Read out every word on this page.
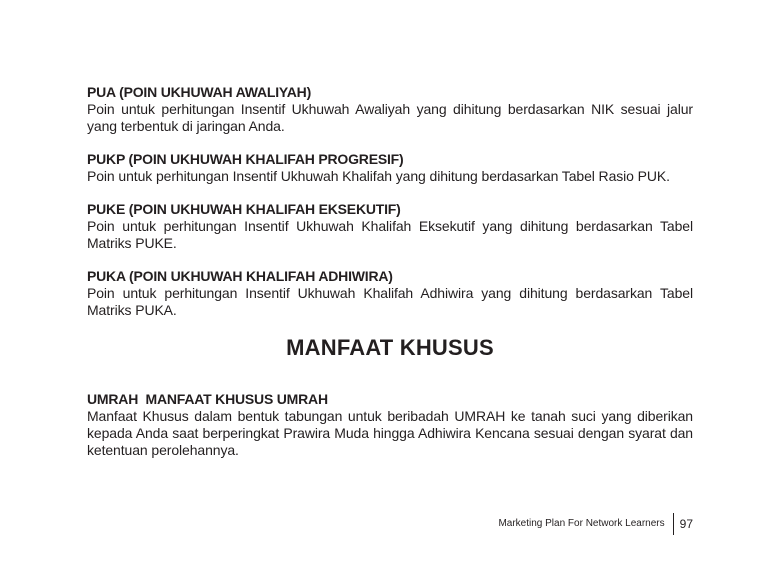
PUA (POIN UKHUWAH AWALIYAH)
Poin untuk perhitungan Insentif Ukhuwah Awaliyah yang dihitung berdasarkan NIK sesuai jalur yang terbentuk di jaringan Anda.
PUKP (POIN UKHUWAH KHALIFAH PROGRESIF)
Poin untuk perhitungan Insentif Ukhuwah Khalifah yang dihitung berdasarkan Tabel Rasio PUK.
PUKE (POIN UKHUWAH KHALIFAH EKSEKUTIF)
Poin untuk perhitungan Insentif Ukhuwah Khalifah Eksekutif yang dihitung berdasarkan Tabel Matriks PUKE.
PUKA (POIN UKHUWAH KHALIFAH ADHIWIRA)
Poin untuk perhitungan Insentif Ukhuwah Khalifah Adhiwira yang dihitung berdasarkan Tabel Matriks PUKA.
MANFAAT KHUSUS
UMRAH  MANFAAT KHUSUS UMRAH
Manfaat Khusus dalam bentuk tabungan untuk beribadah UMRAH ke tanah suci yang diberikan kepada Anda saat berperingkat Prawira Muda hingga Adhiwira Kencana sesuai dengan syarat dan ketentuan perolehannya.
Marketing Plan For Network Learners	97
